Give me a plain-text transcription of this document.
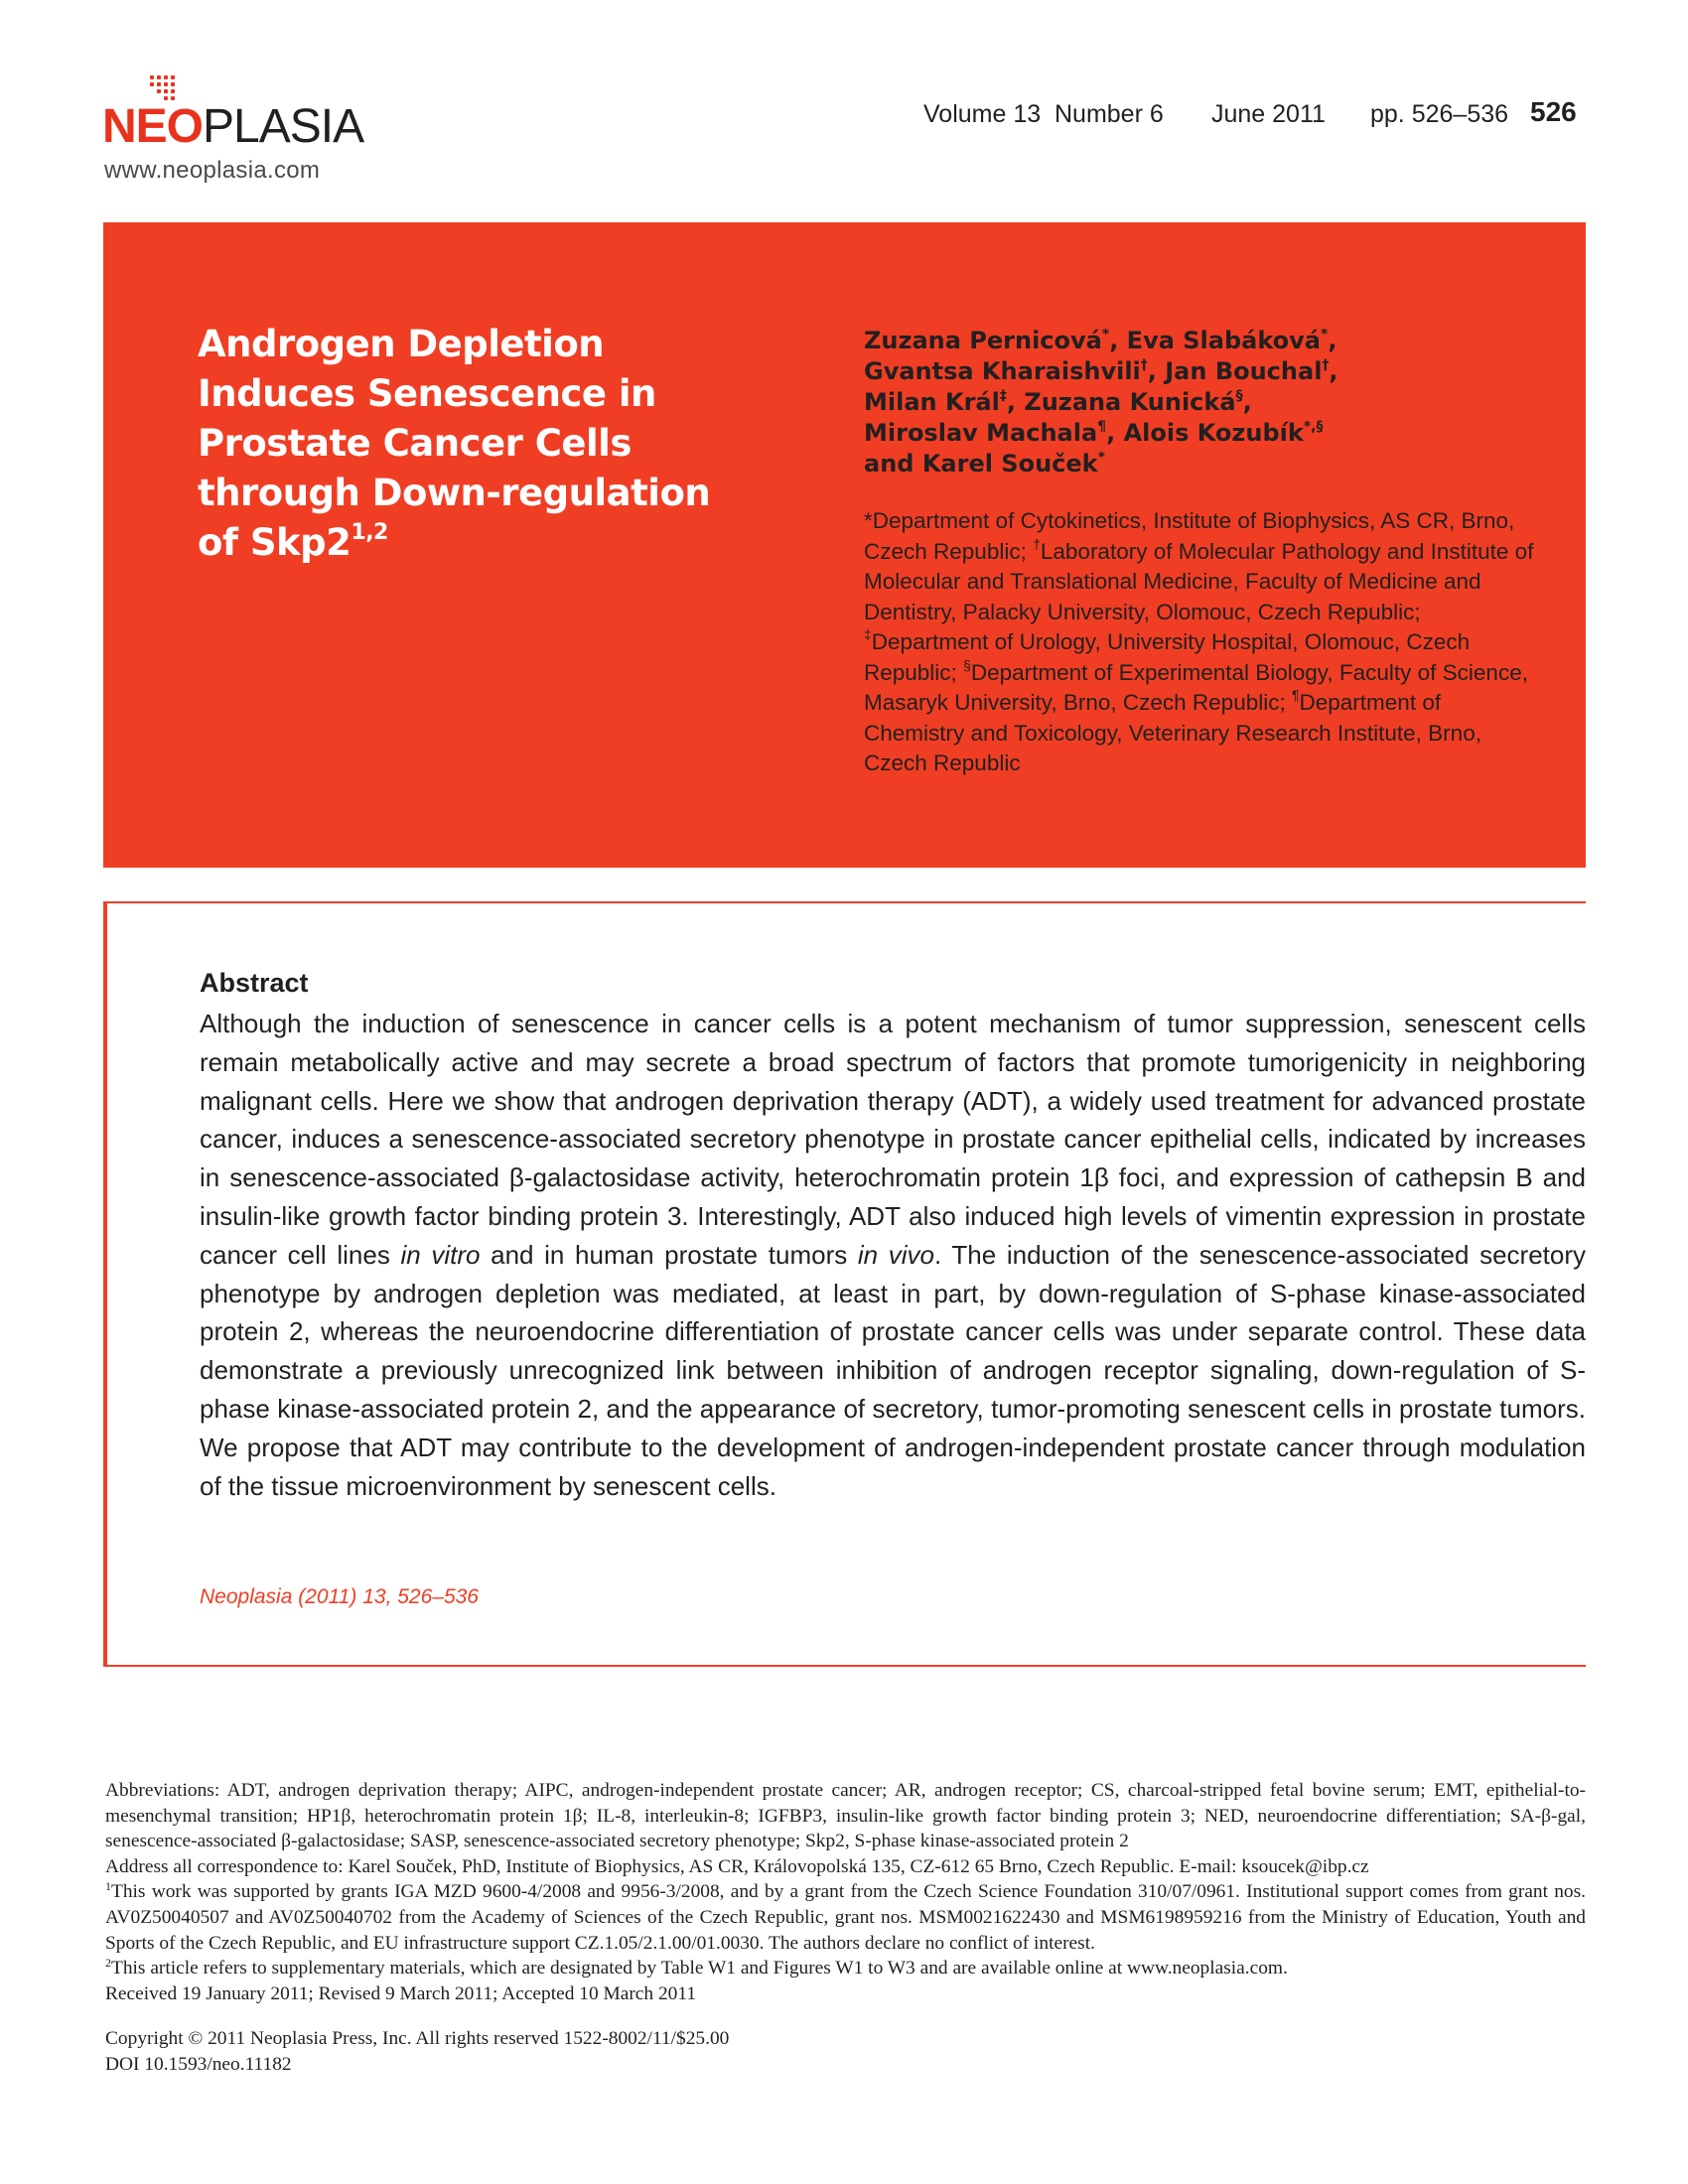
NEOPLASIA
www.neoplasia.com
Volume 13 Number 6 June 2011 pp. 526–536 526
Androgen Depletion Induces Senescence in Prostate Cancer Cells through Down-regulation of Skp2$^{1,2}$
Zuzana Pernicová*, Eva Slabáková*,
Gvantsa Kharaishvili†, Jan Bouchal†,
Milan Král‡, Zuzana Kunická§,
Miroslav Machala¶, Alois Kozubík*,§
and Karel Souček*
*Department of Cytokinetics, Institute of Biophysics, AS CR, Brno, Czech Republic; †Laboratory of Molecular Pathology and Institute of Molecular and Translational Medicine, Faculty of Medicine and Dentistry, Palacky University, Olomouc, Czech Republic; ‡Department of Urology, University Hospital, Olomouc, Czech Republic; §Department of Experimental Biology, Faculty of Science, Masaryk University, Brno, Czech Republic; ¶Department of Chemistry and Toxicology, Veterinary Research Institute, Brno, Czech Republic
Abstract
Although the induction of senescence in cancer cells is a potent mechanism of tumor suppression, senescent cells remain metabolically active and may secrete a broad spectrum of factors that promote tumorigenicity in neighboring malignant cells. Here we show that androgen deprivation therapy (ADT), a widely used treatment for advanced prostate cancer, induces a senescence-associated secretory phenotype in prostate cancer epithelial cells, indicated by increases in senescence-associated β-galactosidase activity, heterochromatin protein 1β foci, and expression of cathepsin B and insulin-like growth factor binding protein 3. Interestingly, ADT also induced high levels of vimentin expression in prostate cancer cell lines in vitro and in human prostate tumors in vivo. The induction of the senescence-associated secretory phenotype by androgen depletion was mediated, at least in part, by down-regulation of S-phase kinase-associated protein 2, whereas the neuroendocrine differentiation of prostate cancer cells was under separate control. These data demonstrate a previously unrecognized link between inhibition of androgen receptor signaling, down-regulation of S-phase kinase-associated protein 2, and the appearance of secretory, tumor-promoting senescent cells in prostate tumors. We propose that ADT may contribute to the development of androgen-independent prostate cancer through modulation of the tissue microenvironment by senescent cells.
Neoplasia (2011) 13, 526–536

Abbreviations: ADT, androgen deprivation therapy; AIPC, androgen-independent prostate cancer; AR, androgen receptor; CS, charcoal-stripped fetal bovine serum; EMT, epithelial-to-mesenchymal transition; HP1β, heterochromatin protein 1β; IL-8, interleukin-8; IGFBP3, insulin-like growth factor binding protein 3; NED, neuroendocrine differentiation; SA-β-gal, senescence-associated β-galactosidase; SASP, senescence-associated secretory phenotype; Skp2, S-phase kinase-associated protein 2

Address all correspondence to: Karel Souček, PhD, Institute of Biophysics, AS CR, Královopolská 135, CZ-612 65 Brno, Czech Republic. E-mail: ksoucek@ibp.cz

$^1$This work was supported by grants IGA MZD 9600-4/2008 and 9956-3/2008, and by a grant from the Czech Science Foundation 310/07/0961. Institutional support comes from grant nos. AV0Z50040507 and AV0Z50040702 from the Academy of Sciences of the Czech Republic, grant nos. MSM0021622430 and MSM6198959216 from the Ministry of Education, Youth and Sports of the Czech Republic, and EU infrastructure support CZ.1.05/2.1.00/01.0030. The authors declare no conflict of interest.

$^2$This article refers to supplementary materials, which are designated by Table W1 and Figures W1 to W3 and are available online at www.neoplasia.com.

Received 19 January 2011; Revised 9 March 2011; Accepted 10 March 2011

Copyright © 2011 Neoplasia Press, Inc. All rights reserved 1522-8002/11/$25.00

DOI 10.1593/neo.11182
